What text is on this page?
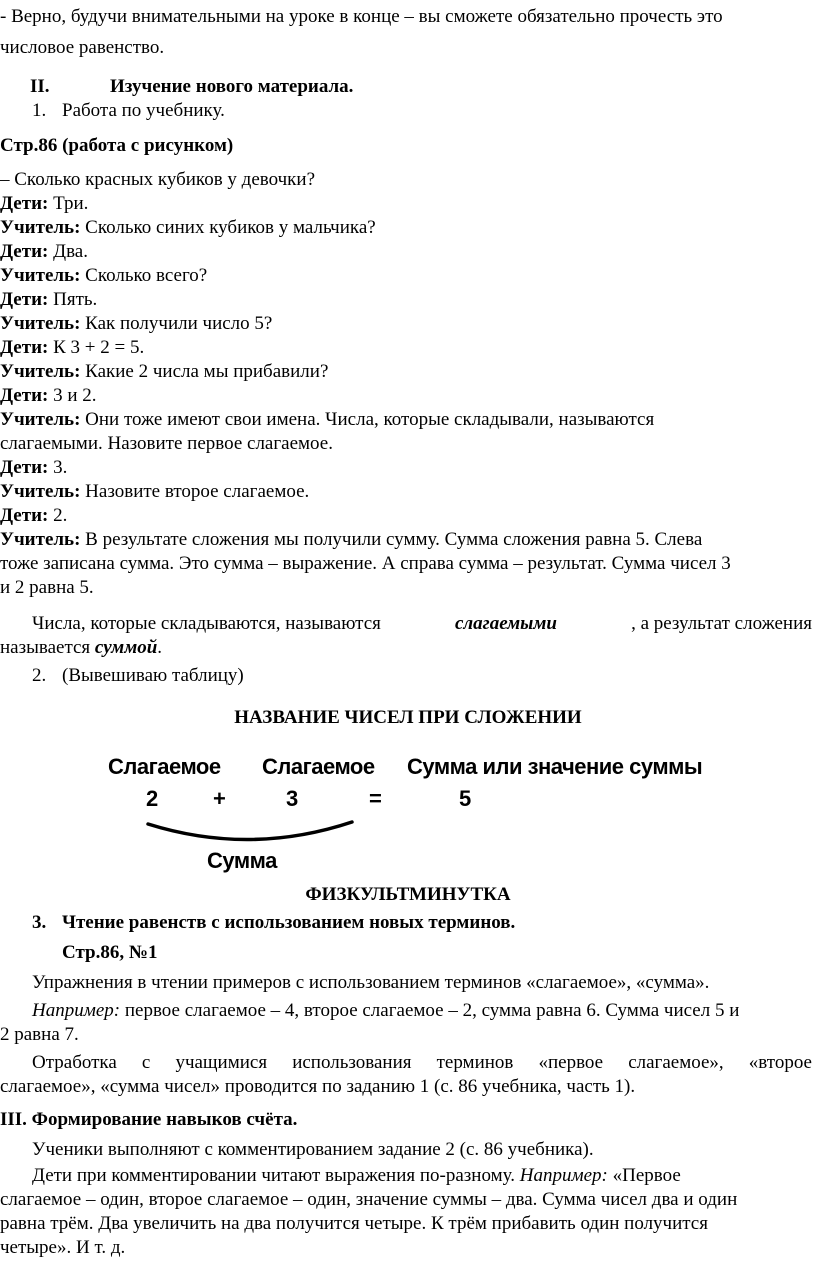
- Верно, будучи внимательными на уроке в конце – вы сможете обязательно прочесть это
числовое равенство.
II.	Изучение нового материала.
1. Работа по учебнику.
Стр.86 (работа с рисунком)
– Сколько красных кубиков у девочки?
Дети: Три.
Учитель: Сколько синих кубиков у мальчика?
Дети: Два.
Учитель: Сколько всего?
Дети: Пять.
Учитель: Как получили число 5?
Дети: К 3 + 2 = 5.
Учитель: Какие 2 числа мы прибавили?
Дети: 3 и 2.
Учитель: Они тоже имеют свои имена. Числа, которые складывали, называются
слагаемыми. Назовите первое слагаемое.
Дети: 3.
Учитель: Назовите второе слагаемое.
Дети: 2.
Учитель: В результате сложения мы получили сумму. Сумма сложения равна 5. Слева
тоже записана сумма. Это сумма – выражение. А справа сумма – результат. Сумма чисел 3
и 2 равна 5.
Числа, которые складываются, называются	слагаемыми	, а результат сложения
называется суммой.
2. (Вывешиваю таблицу)
НАЗВАНИЕ ЧИСЕЛ ПРИ СЛОЖЕНИИ
Слагаемое Слагаемое Сумма или значение суммы
2	+	3	=	5
Сумма
ФИЗКУЛЬТМИНУТКА
3. Чтение равенств с использованием новых терминов.
Стр.86, №1
Упражнения в чтении примеров с использованием терминов «слагаемое», «сумма».
Например: первое слагаемое – 4, второе слагаемое – 2, сумма равна 6. Сумма чисел 5 и
2 равна 7.
Отработка с учащимися использования терминов «первое слагаемое», «второе
слагаемое», «сумма чисел» проводится по заданию 1 (с. 86 учебника, часть 1).
III. Формирование навыков счёта.
Ученики выполняют с комментированием задание 2 (с. 86 учебника).
Дети при комментировании читают выражения по-разному. Например: «Первое
слагаемое – один, второе слагаемое – один, значение суммы – два. Сумма чисел два и один
равна трём. Два увеличить на два получится четыре. К трём прибавить один получится
четыре». И т. д.
